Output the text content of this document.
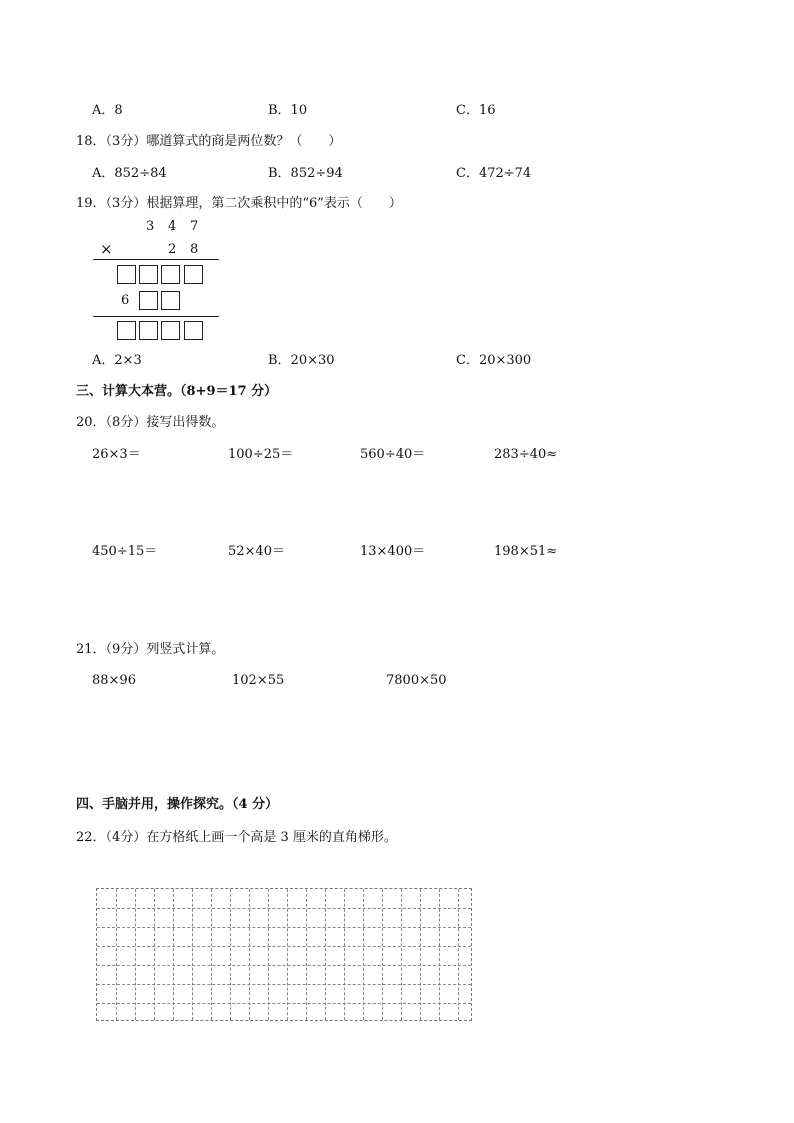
A．8	B．10	C．16
18．（3分）哪道算式的商是两位数？（　　）
A．852÷84	B．852÷94	C．472÷74
19．（3分）根据算理，第二次乘积中的“6”表示（　　）
3 4 7
×	2 8
6
A．2×3	B．20×30	C．20×300
三、计算大本营。（8+9＝17 分）
20．（8分）接写出得数。
26×3＝	100÷25＝	560÷40＝	283÷40≈
450÷15＝	52×40＝	13×400＝	198×51≈
21．（9分）列竖式计算。
88×96	102×55	7800×50
四、手脑并用，操作探究。（4 分）
22．（4分）在方格纸上画一个高是 3 厘米的直角梯形。
